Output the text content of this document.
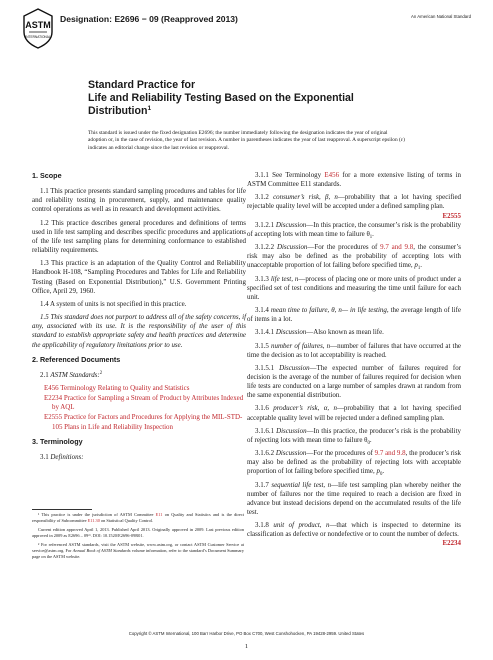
ASTM
INTERNATIONAL
Designation: E2696 − 09 (Reapproved 2013)	An American National Standard
Standard Practice for
Life and Reliability Testing Based on the Exponential
Distribution$^1$
This standard is issued under the fixed designation E2696; the number immediately following the designation indicates the year of original adoption or, in the case of revision, the year of last revision. A number in parentheses indicates the year of last reapproval. A superscript epsilon (ε) indicates an editorial change since the last revision or reapproval.
1. Scope

1.1 This practice presents standard sampling procedures and tables for life and reliability testing in procurement, supply, and maintenance quality control operations as well as in research and development activities.

1.2 This practice describes general procedures and definitions of terms used in life test sampling and describes specific procedures and applications of the life test sampling plans for determining conformance to established reliability requirements.

1.3 This practice is an adaptation of the Quality Control and Reliability Handbook H-108, “Sampling Procedures and Tables for Life and Reliability Testing (Based on Exponential Distribution),” U.S. Government Printing Office, April 29, 1960.

1.4 A system of units is not specified in this practice.

1.5 This standard does not purport to address all of the safety concerns, if any, associated with its use. It is the responsibility of the user of this standard to establish appropriate safety and health practices and determine the applicability of regulatory limitations prior to use.

2. Referenced Documents

2.1 ASTM Standards:$^2$

E456 Terminology Relating to Quality and Statistics
E2234 Practice for Sampling a Stream of Product by Attributes Indexed by AQL
E2555 Practice for Factors and Procedures for Applying the MIL-STD-105 Plans in Life and Reliability Inspection
3. Terminology

3.1 Definitions:

¹ This practice is under the jurisdiction of ASTM Committee E11 on Quality and Statistics and is the direct responsibility of Subcommittee E11.30 on Statistical Quality Control.

Current edition approved April 1, 2013. Published April 2013. Originally approved in 2009. Last previous edition approved in 2009 as E2696 – 09ᵉ¹. DOI: 10.1520/E2696-09R01.

² For referenced ASTM standards, visit the ASTM website, www.astm.org, or contact ASTM Customer Service at service@astm.org. For Annual Book of ASTM Standards volume information, refer to the standard’s Document Summary page on the ASTM website.

3.1.1 See Terminology E456 for a more extensive listing of terms in ASTM Committee E11 standards.

3.1.2 consumer’s risk, β, n—probability that a lot having specified rejectable quality level will be accepted under a defined sampling plan.
E2555

3.1.2.1 Discussion—In this practice, the consumer’s risk is the probability of accepting lots with mean time to failure $\theta_1$.

3.1.2.2 Discussion—For the procedures of 9.7 and 9.8, the consumer’s risk may also be defined as the probability of accepting lots with unacceptable proportion of lot failing before specified time, $p_1$.

3.1.3 life test, n—process of placing one or more units of product under a specified set of test conditions and measuring the time until failure for each unit.

3.1.4 mean time to failure, θ, n— in life testing, the average length of life of items in a lot.

3.1.4.1 Discussion—Also known as mean life.

3.1.5 number of failures, n—number of failures that have occurred at the time the decision as to lot acceptability is reached.

3.1.5.1 Discussion—The expected number of failures required for decision is the average of the number of failures required for decision when life tests are conducted on a large number of samples drawn at random from the same exponential distribution.

3.1.6 producer’s risk, α, n—probability that a lot having specified acceptable quality level will be rejected under a defined sampling plan.

3.1.6.1 Discussion—In this practice, the producer’s risk is the probability of rejecting lots with mean time to failure $\theta_0$.

3.1.6.2 Discussion—For the procedures of 9.7 and 9.8, the producer’s risk may also be defined as the probability of rejecting lots with acceptable proportion of lot failing before specified time, $p_0$.

3.1.7 sequential life test, n—life test sampling plan whereby neither the number of failures nor the time required to reach a decision are fixed in advance but instead decisions depend on the accumulated results of the life test.

3.1.8 unit of product, n—that which is inspected to determine its classification as defective or nondefective or to count the number of defects.
E2234

Copyright © ASTM International, 100 Barr Harbor Drive, PO Box C700, West Conshohocken, PA 19428-2959. United States
1
